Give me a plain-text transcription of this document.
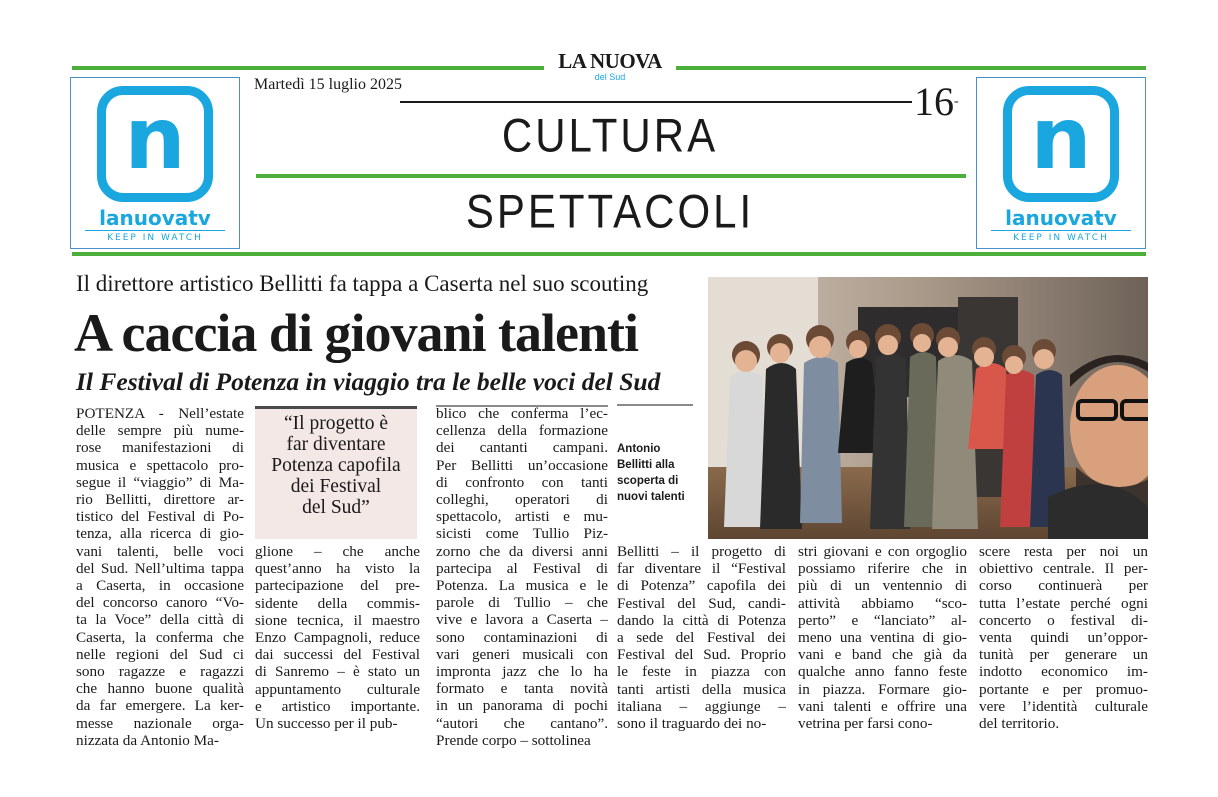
LA NUOVA
del Sud
Martedì 15 luglio 2025	16-
CULTURA
SPETTACOLI
n
lanuovatv
KEEP IN WATCH
n
lanuovatv
KEEP IN WATCH
Il direttore artistico Bellitti fa tappa a Caserta nel suo scouting
A caccia di giovani talenti
Il Festival di Potenza in viaggio tra le belle voci del Sud
Antonio
Bellitti alla
scoperta di
nuovi talenti
“Il progetto è
far diventare
Potenza capofila
dei Festival
del Sud”
POTENZA - Nell’estate
delle sempre più nume-
rose manifestazioni di
musica e spettacolo pro-
segue il “viaggio” di Ma-
rio Bellitti, direttore ar-
tistico del Festival di Po-
tenza, alla ricerca di gio-
vani talenti, belle voci
del Sud. Nell’ultima tappa
a Caserta, in occasione
del concorso canoro “Vo-
ta la Voce” della città di
Caserta, la conferma che
nelle regioni del Sud ci
sono ragazze e ragazzi
che hanno buone qualità
da far emergere. La ker-
messe nazionale orga-
nizzata da Antonio Ma-
glione – che anche
quest’anno ha visto la
partecipazione del pre-
sidente della commis-
sione tecnica, il maestro
Enzo Campagnoli, reduce
dai successi del Festival
di Sanremo – è stato un
appuntamento culturale
e artistico importante.
Un successo per il pub-
blico che conferma l’ec-
cellenza della formazione
dei cantanti campani.
Per Bellitti un’occasione
di confronto con tanti
colleghi, operatori di
spettacolo, artisti e mu-
sicisti come Tullio Piz-
zorno che da diversi anni
partecipa al Festival di
Potenza. La musica e le
parole di Tullio – che
vive e lavora a Caserta –
sono contaminazioni di
vari generi musicali con
impronta jazz che lo ha
formato e tanta novità
in un panorama di pochi
“autori che cantano”.
Prende corpo – sottolinea
Bellitti – il progetto di
far diventare il “Festival
di Potenza” capofila dei
Festival del Sud, candi-
dando la città di Potenza
a sede del Festival dei
Festival del Sud. Proprio
le feste in piazza con
tanti artisti della musica
italiana – aggiunge –
sono il traguardo dei no-
stri giovani e con orgoglio
possiamo riferire che in
più di un ventennio di
attività abbiamo “sco-
perto” e “lanciato” al-
meno una ventina di gio-
vani e band che già da
qualche anno fanno feste
in piazza. Formare gio-
vani talenti e offrire una
vetrina per farsi cono-
scere resta per noi un
obiettivo centrale. Il per-
corso continuerà per
tutta l’estate perché ogni
concerto o festival di-
venta quindi un’oppor-
tunità per generare un
indotto economico im-
portante e per promuo-
vere l’identità culturale
del territorio.
